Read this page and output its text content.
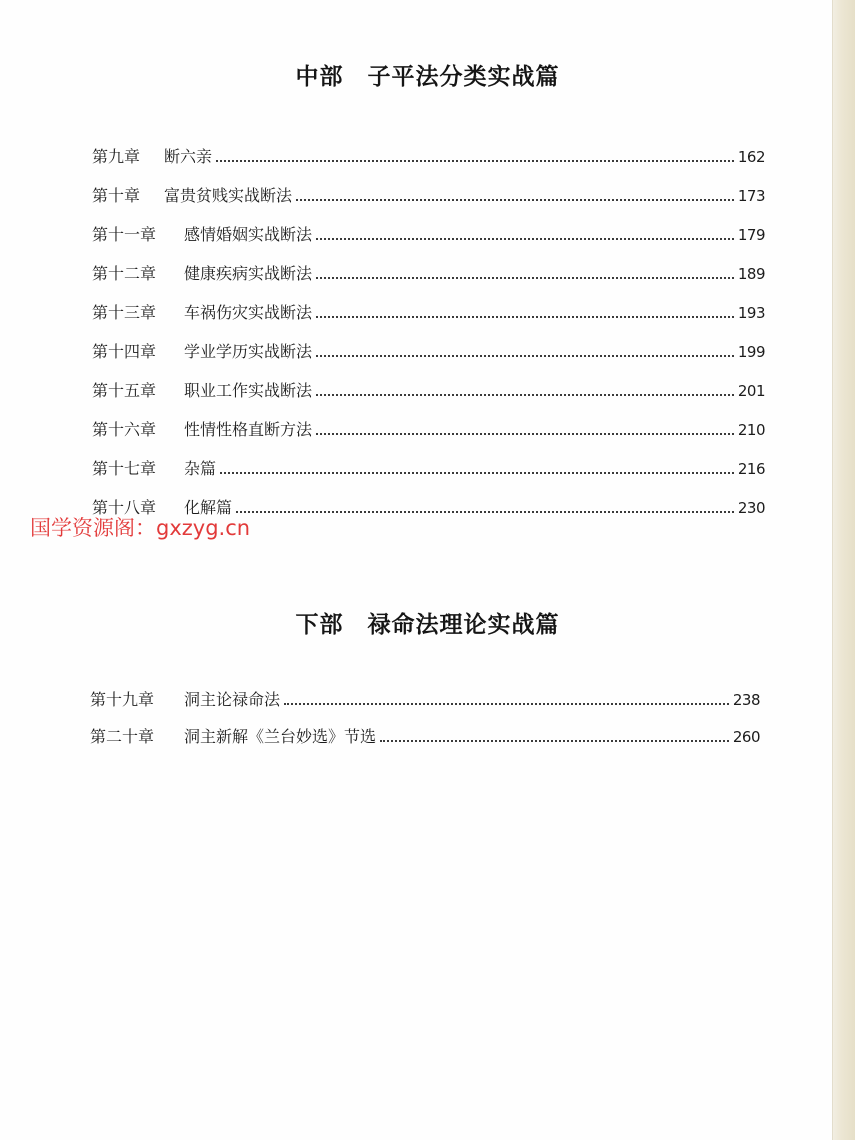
中部　子平法分类实战篇
第九章	断六亲	162
第十章	富贵贫贱实战断法	173
第十一章	感情婚姻实战断法	179
第十二章	健康疾病实战断法	189
第十三章	车祸伤灾实战断法	193
第十四章	学业学历实战断法	199
第十五章	职业工作实战断法	201
第十六章	性情性格直断方法	210
第十七章	杂篇	216
第十八章	化解篇	230
国学资源阁：gxzyg.cn
下部　禄命法理论实战篇
第十九章	洞主论禄命法	238
第二十章	洞主新解《兰台妙选》节选	260
